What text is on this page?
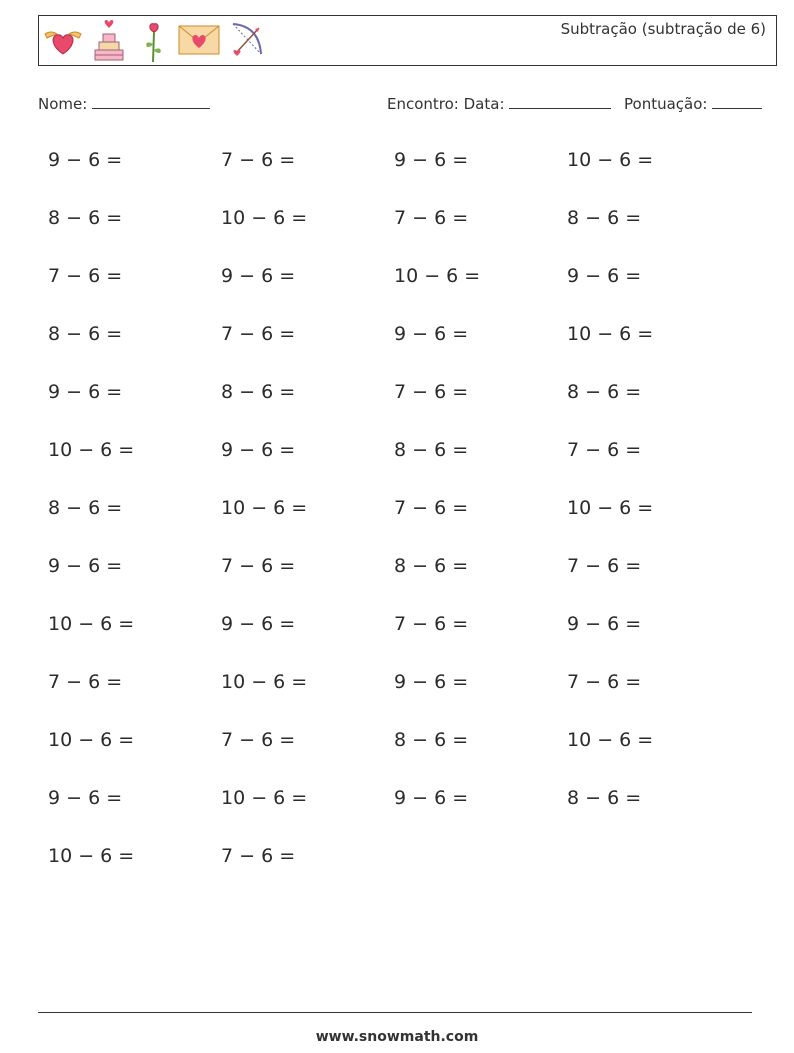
Subtração (subtração de 6)
Nome:	Encontro: Data:	Pontuação:
9 − 6 =	7 − 6 =	9 − 6 =	10 − 6 =
8 − 6 =	10 − 6 =	7 − 6 =	8 − 6 =
7 − 6 =	9 − 6 =	10 − 6 =	9 − 6 =
8 − 6 =	7 − 6 =	9 − 6 =	10 − 6 =
9 − 6 =	8 − 6 =	7 − 6 =	8 − 6 =
10 − 6 =	9 − 6 =	8 − 6 =	7 − 6 =
8 − 6 =	10 − 6 =	7 − 6 =	10 − 6 =
9 − 6 =	7 − 6 =	8 − 6 =	7 − 6 =
10 − 6 =	9 − 6 =	7 − 6 =	9 − 6 =
7 − 6 =	10 − 6 =	9 − 6 =	7 − 6 =
10 − 6 =	7 − 6 =	8 − 6 =	10 − 6 =
9 − 6 =	10 − 6 =	9 − 6 =	8 − 6 =
10 − 6 =	7 − 6 =
www.snowmath.com
